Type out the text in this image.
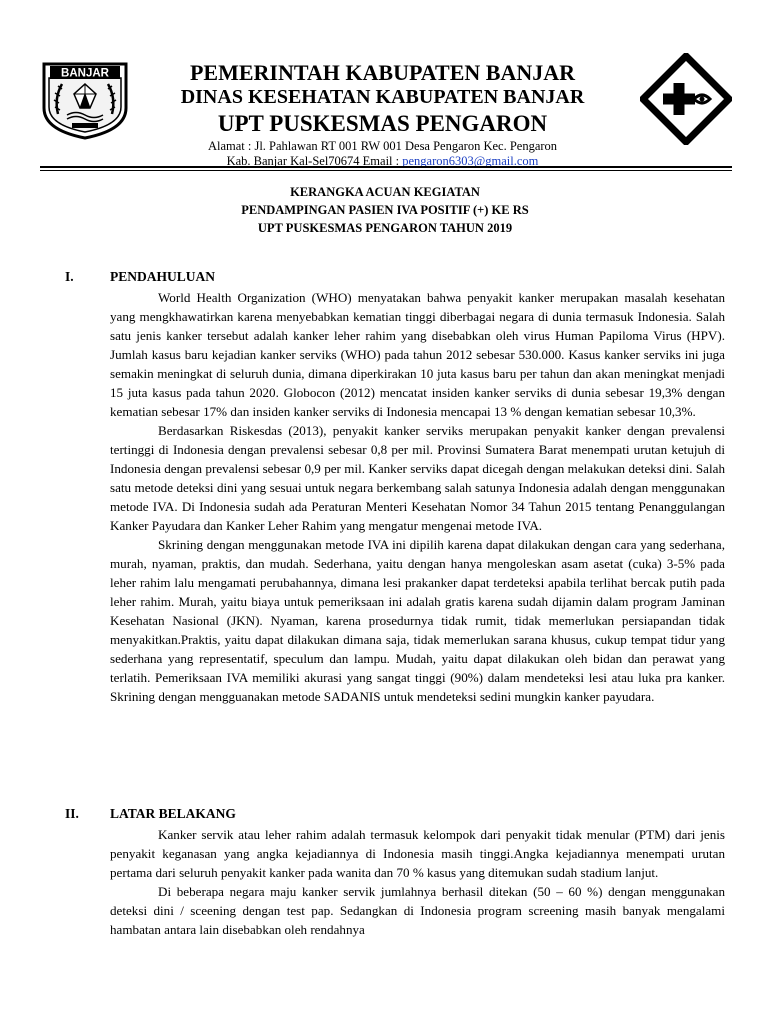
BANJAR	PEMERINTAH KABUPATEN BANJAR
DINAS KESEHATAN KABUPATEN BANJAR
UPT PUSKESMAS PENGARON
Alamat : Jl. Pahlawan RT 001 RW 001 Desa Pengaron Kec. Pengaron
Kab. Banjar Kal-Sel70674 Email : pengaron6303@gmail.com
KERANGKA ACUAN KEGIATAN
PENDAMPINGAN PASIEN IVA POSITIF (+) KE RS
UPT PUSKESMAS PENGARON TAHUN 2019
I.	PENDAHULUAN

World Health Organization (WHO) menyatakan bahwa penyakit kanker merupakan masalah kesehatan yang mengkhawatirkan karena menyebabkan kematian tinggi diberbagai negara di dunia termasuk Indonesia. Salah satu jenis kanker tersebut adalah kanker leher rahim yang disebabkan oleh virus Human Papiloma Virus (HPV). Jumlah kasus baru kejadian kanker serviks (WHO) pada tahun 2012 sebesar 530.000. Kasus kanker serviks ini juga semakin meningkat di seluruh dunia, dimana diperkirakan 10 juta kasus baru per tahun dan akan meningkat menjadi 15 juta kasus pada tahun 2020. Globocon (2012) mencatat insiden kanker serviks di dunia sebesar 19,3% dengan kematian sebesar 17% dan insiden kanker serviks di Indonesia mencapai 13 % dengan kematian sebesar 10,3%.

Berdasarkan Riskesdas (2013), penyakit kanker serviks merupakan penyakit kanker dengan prevalensi tertinggi di Indonesia dengan prevalensi sebesar 0,8 per mil. Provinsi Sumatera Barat menempati urutan ketujuh di Indonesia dengan prevalensi sebesar 0,9 per mil. Kanker serviks dapat dicegah dengan melakukan deteksi dini. Salah satu metode deteksi dini yang sesuai untuk negara berkembang salah satunya Indonesia adalah dengan menggunakan metode IVA. Di Indonesia sudah ada Peraturan Menteri Kesehatan Nomor 34 Tahun 2015 tentang Penanggulangan Kanker Payudara dan Kanker Leher Rahim yang mengatur mengenai metode IVA.

Skrining dengan menggunakan metode IVA ini dipilih karena dapat dilakukan dengan cara yang sederhana, murah, nyaman, praktis, dan mudah. Sederhana, yaitu dengan hanya mengoleskan asam asetat (cuka) 3-5% pada leher rahim lalu mengamati perubahannya, dimana lesi prakanker dapat terdeteksi apabila terlihat bercak putih pada leher rahim. Murah, yaitu biaya untuk pemeriksaan ini adalah gratis karena sudah dijamin dalam program Jaminan Kesehatan Nasional (JKN). Nyaman, karena prosedurnya tidak rumit, tidak memerlukan persiapandan tidak menyakitkan.Praktis, yaitu dapat dilakukan dimana saja, tidak memerlukan sarana khusus, cukup tempat tidur yang sederhana yang representatif, speculum dan lampu. Mudah, yaitu dapat dilakukan oleh bidan dan perawat yang terlatih. Pemeriksaan IVA memiliki akurasi yang sangat tinggi (90%) dalam mendeteksi lesi atau luka pra kanker. Skrining dengan mengguanakan metode SADANIS untuk mendeteksi sedini mungkin kanker payudara.

II. LATAR BELAKANG

Kanker servik atau leher rahim adalah termasuk kelompok dari penyakit tidak menular (PTM) dari jenis penyakit keganasan yang angka kejadiannya di Indonesia masih tinggi.Angka kejadiannya menempati urutan pertama dari seluruh penyakit kanker pada wanita dan 70 % kasus yang ditemukan sudah stadium lanjut.

Di beberapa negara maju kanker servik jumlahnya berhasil ditekan (50 – 60 %) dengan menggunakan deteksi dini / sceening dengan test pap. Sedangkan di Indonesia program screening masih banyak mengalami hambatan antara lain disebabkan oleh rendahnya
